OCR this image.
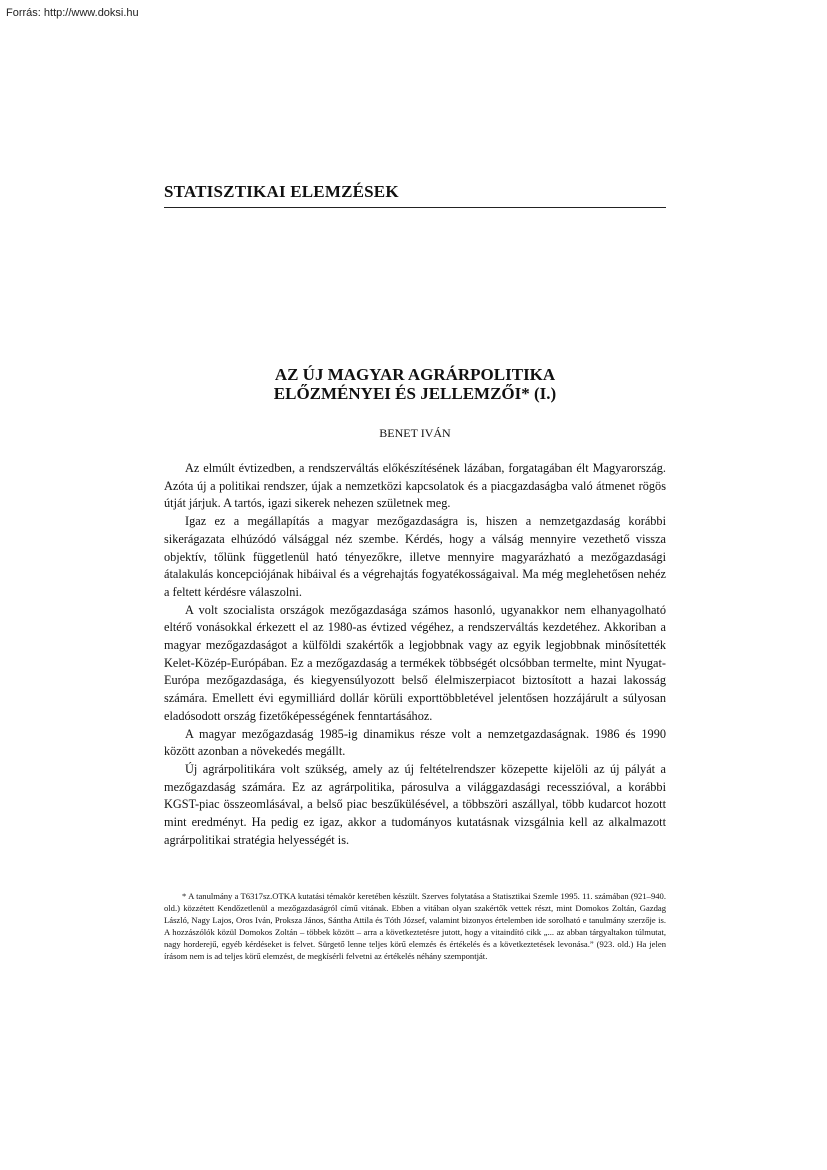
Forrás: http://www.doksi.hu
STATISZTIKAI ELEMZÉSEK
AZ ÚJ MAGYAR AGRÁRPOLITIKA
ELŐZMÉNYEI ÉS JELLEMZŐI* (I.)
BENET IVÁN

Az elmúlt évtizedben, a rendszerváltás előkészítésének lázában, forgatagában élt Magyarország. Azóta új a politikai rendszer, újak a nemzetközi kapcsolatok és a piacgazdaságba való átmenet rögös útját járjuk. A tartós, igazi sikerek nehezen születnek meg.

Igaz ez a megállapítás a magyar mezőgazdaságra is, hiszen a nemzetgazdaság korábbi sikerágazata elhúzódó válsággal néz szembe. Kérdés, hogy a válság mennyire vezethető vissza objektív, tőlünk függetlenül ható tényezőkre, illetve mennyire magyarázható a mezőgazdasági átalakulás koncepciójának hibáival és a végrehajtás fogyatékosságaival. Ma még meglehetősen nehéz a feltett kérdésre válaszolni.

A volt szocialista országok mezőgazdasága számos hasonló, ugyanakkor nem elhanyagolható eltérő vonásokkal érkezett el az 1980-as évtized végéhez, a rendszerváltás kezdetéhez. Akkoriban a magyar mezőgazdaságot a külföldi szakértők a legjobbnak vagy az egyik legjobbnak minősítették Kelet-Közép-Európában. Ez a mezőgazdaság a termékek többségét olcsóbban termelte, mint Nyugat-Európa mezőgazdasága, és kiegyensúlyozott belső élelmiszerpiacot biztosított a hazai lakosság számára. Emellett évi egymilliárd dollár körüli exporttöbbletével jelentősen hozzájárult a súlyosan eladósodott ország fizetőképességének fenntartásához.

A magyar mezőgazdaság 1985-ig dinamikus része volt a nemzetgazdaságnak. 1986 és 1990 között azonban a növekedés megállt.

Új agrárpolitikára volt szükség, amely az új feltételrendszer közepette kijelöli az új pályát a mezőgazdaság számára. Ez az agrárpolitika, párosulva a világgazdasági recesszióval, a korábbi KGST-piac összeomlásával, a belső piac beszűkülésével, a többszöri aszállyal, több kudarcot hozott mint eredményt. Ha pedig ez igaz, akkor a tudományos kutatásnak vizsgálnia kell az alkalmazott agrárpolitikai stratégia helyességét is.

* A tanulmány a T6317sz.OTKA kutatási témakör keretében készült. Szerves folytatása a Statisztikai Szemle 1995. 11. számában (921–940. old.) közzétett Kendőzetlenül a mezőgazdaságról című vitának. Ebben a vitában olyan szakértők vettek részt, mint Domokos Zoltán, Gazdag László, Nagy Lajos, Oros Iván, Proksza János, Sántha Attila és Tóth József, valamint bizonyos értelemben ide sorolható e tanulmány szerzője is. A hozzászólók közül Domokos Zoltán – többek között – arra a következtetésre jutott, hogy a vitaindító cikk „... az abban tárgyaltakon túlmutat, nagy horderejű, egyéb kérdéseket is felvet. Sürgető lenne teljes körű elemzés és értékelés és a következtetések levonása.” (923. old.) Ha jelen írásom nem is ad teljes körű elemzést, de megkísérli felvetni az értékelés néhány szempontját.
